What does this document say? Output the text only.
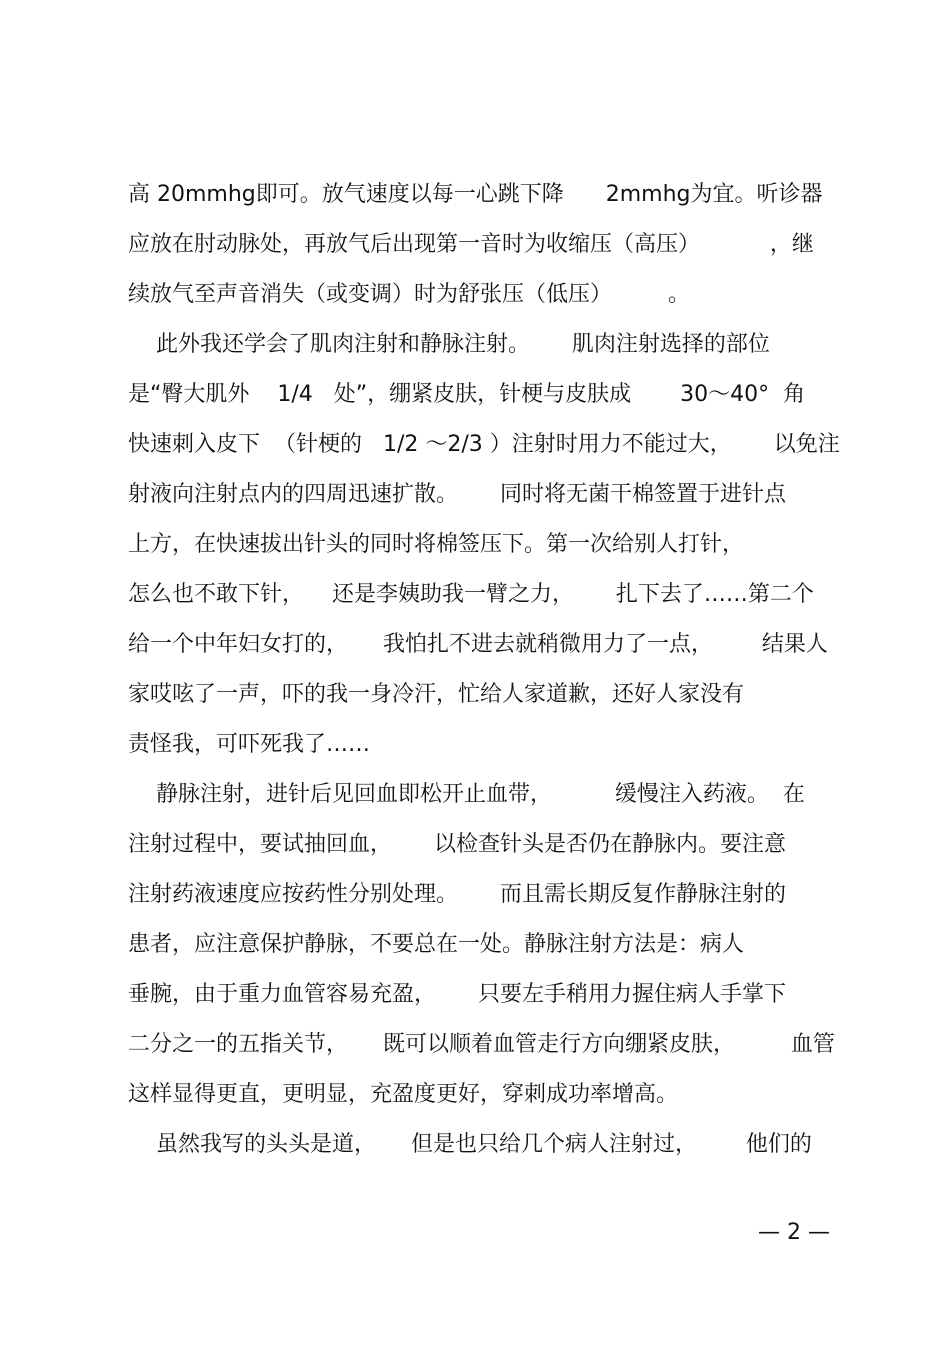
高 20mmhg即可。放气速度以每一心跳下降      2mmhg为宜。听诊器
应放在肘动脉处，再放气后出现第一音时为收缩压（高压）          ，继
续放气至声音消失（或变调）时为舒张压（低压）        。
此外我还学会了肌肉注射和静脉注射。      肌肉注射选择的部位
是“臀大肌外    1/4   处”，绷紧皮肤，针梗与皮肤成       30～40°  角
快速刺入皮下  （针梗的   1/2 ～2/3 ）注射时用力不能过大，      以免注
射液向注射点内的四周迅速扩散。      同时将无菌干棉签置于进针点
上方，在快速拔出针头的同时将棉签压下。第一次给别人打针，
怎么也不敢下针，    还是李姨助我一臂之力，      扎下去了……第二个
给一个中年妇女打的，     我怕扎不进去就稍微用力了一点，       结果人
家哎呟了一声，吓的我一身冷汗，忙给人家道歉，还好人家没有
责怪我，可吓死我了……
静脉注射，进针后见回血即松开止血带，         缓慢注入药液。  在
注射过程中，要试抽回血，      以检查针头是否仍在静脉内。要注意
注射药液速度应按药性分别处理。      而且需长期反复作静脉注射的
患者，应注意保护静脉，不要总在一处。静脉注射方法是：病人
垂腕，由于重力血管容易充盈，      只要左手稍用力握住病人手掌下
二分之一的五指关节，     既可以顺着血管走行方向绷紧皮肤，        血管
这样显得更直，更明显，充盈度更好，穿刺成功率增高。
虽然我写的头头是道，     但是也只给几个病人注射过，       他们的
— 2 —
